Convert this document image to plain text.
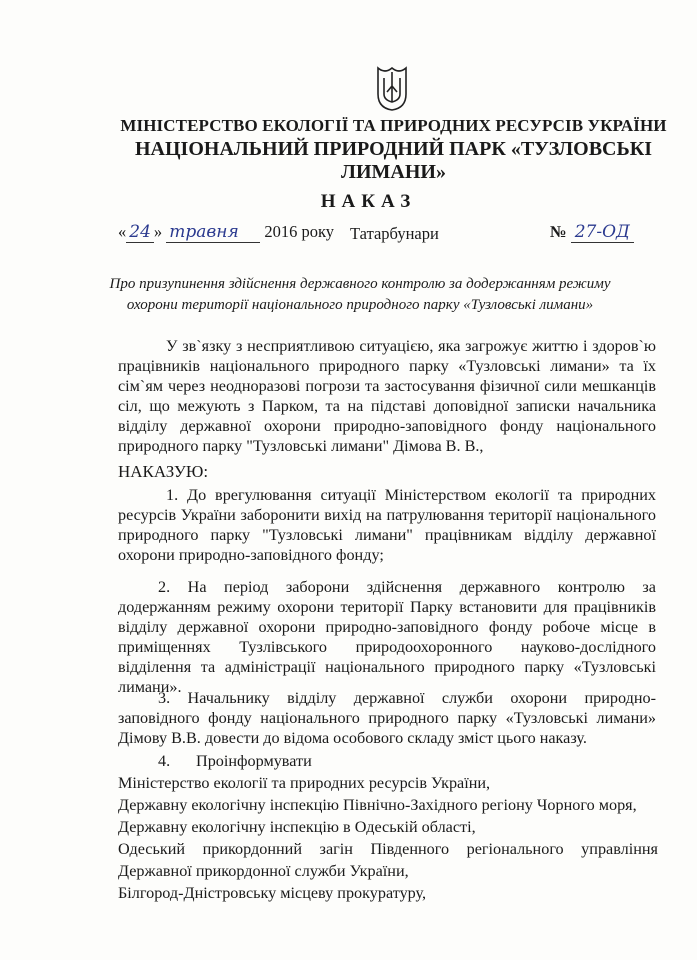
МІНІСТЕРСТВО ЕКОЛОГІЇ ТА ПРИРОДНИХ РЕСУРСІВ УКРАЇНИ
НАЦІОНАЛЬНИЙ ПРИРОДНИЙ ПАРК «ТУЗЛОВСЬКІ ЛИМАНИ»
НАКАЗ
« 24 » травня 2016 року Татарбунари	№ 27-ОД
Про призупинення здійснення державного контролю за додержанням режиму охорони території національного природного парку «Тузловські лимани»
У зв`язку з несприятливою ситуацією, яка загрожує життю і здоров`ю працівників національного природного парку «Тузловські лимани» та їх сім`ям через неодноразові погрози та застосування фізичної сили мешканців сіл, що межують з Парком, та на підставі доповідної записки начальника відділу державної охорони природно-заповідного фонду національного природного парку "Тузловські лимани" Дімова В. В.,
НАКАЗУЮ:
1. До врегулювання ситуації Міністерством екології та природних ресурсів України заборонити вихід на патрулювання території національного природного парку "Тузловські лимани" працівникам відділу державної охорони природно-заповідного фонду;
2. На період заборони здійснення державного контролю за додержанням режиму охорони території Парку встановити для працівників відділу державної охорони природно-заповідного фонду робоче місце в приміщеннях Тузлівського природоохоронного науково-дослідного відділення та адміністрації національного природного парку «Тузловські лимани».
3. Начальнику відділу державної служби охорони природно-заповідного фонду національного природного парку «Тузловські лимани» Дімову В.В. довести до відома особового складу зміст цього наказу.
4. Проінформувати
Міністерство екології та природних ресурсів України,
Державну екологічну інспекцію Північно-Західного регіону Чорного моря,
Державну екологічну інспекцію в Одеській області,
Одеський прикордонний загін Південного регіонального управління
Державної прикордонної служби України,
Білгород-Дністровську місцеву прокуратуру,
